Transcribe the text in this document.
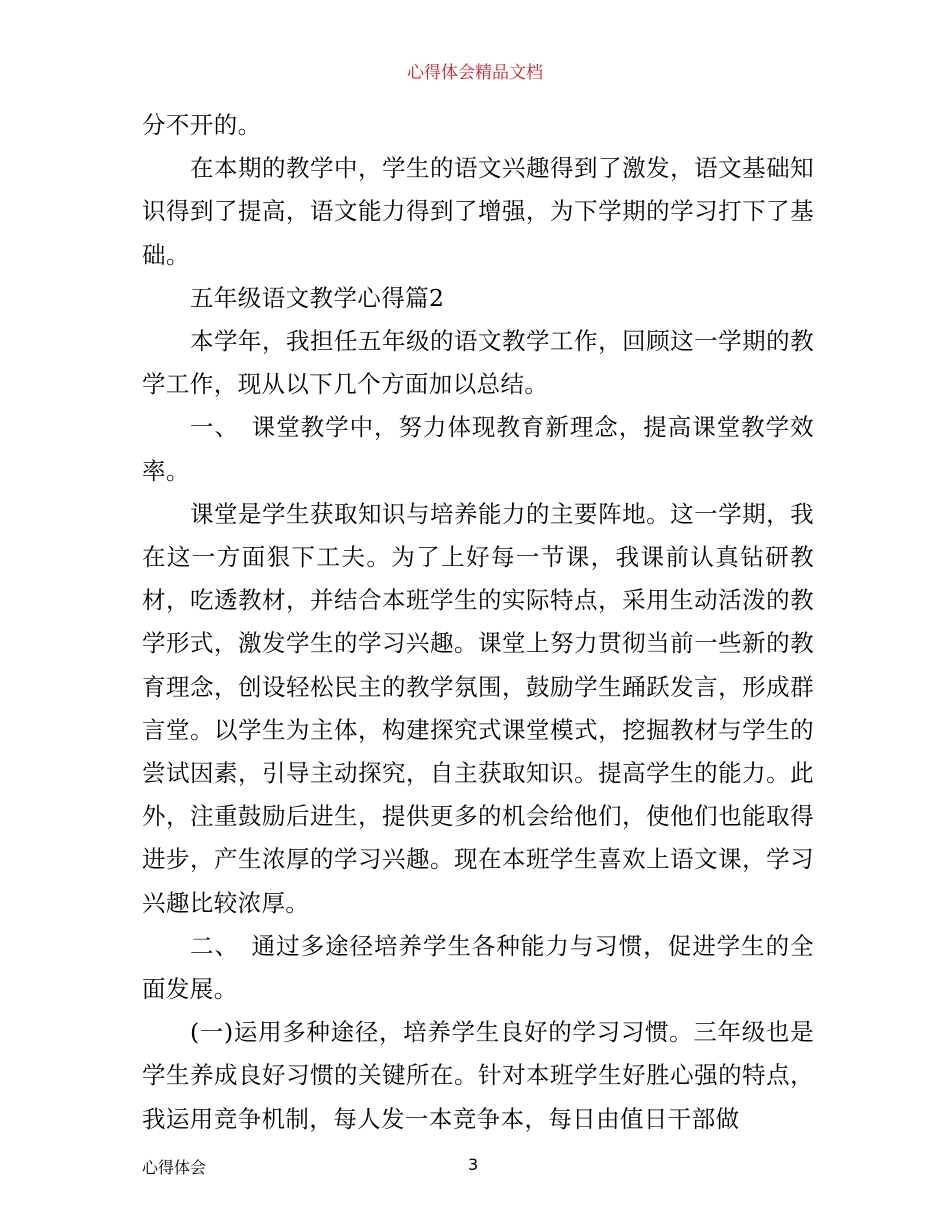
心得体会精品文档

分不开的。

在本期的教学中，学生的语文兴趣得到了激发，语文基础知识得到了提高，语文能力得到了增强，为下学期的学习打下了基础。

五年级语文教学心得篇2

本学年，我担任五年级的语文教学工作，回顾这一学期的教学工作，现从以下几个方面加以总结。

一、　课堂教学中，努力体现教育新理念，提高课堂教学效率。

课堂是学生获取知识与培养能力的主要阵地。这一学期，我在这一方面狠下工夫。为了上好每一节课，我课前认真钻研教材，吃透教材，并结合本班学生的实际特点，采用生动活泼的教学形式，激发学生的学习兴趣。课堂上努力贯彻当前一些新的教育理念，创设轻松民主的教学氛围，鼓励学生踊跃发言，形成群言堂。以学生为主体，构建探究式课堂模式，挖掘教材与学生的尝试因素，引导主动探究，自主获取知识。提高学生的能力。此外，注重鼓励后进生，提供更多的机会给他们，使他们也能取得进步，产生浓厚的学习兴趣。现在本班学生喜欢上语文课，学习兴趣比较浓厚。

二、　通过多途径培养学生各种能力与习惯，促进学生的全面发展。

(一)运用多种途径，培养学生良好的学习习惯。三年级也是学生养成良好习惯的关键所在。针对本班学生好胜心强的特点，我运用竞争机制，每人发一本竞争本，每日由值日干部做

心得体会	3
